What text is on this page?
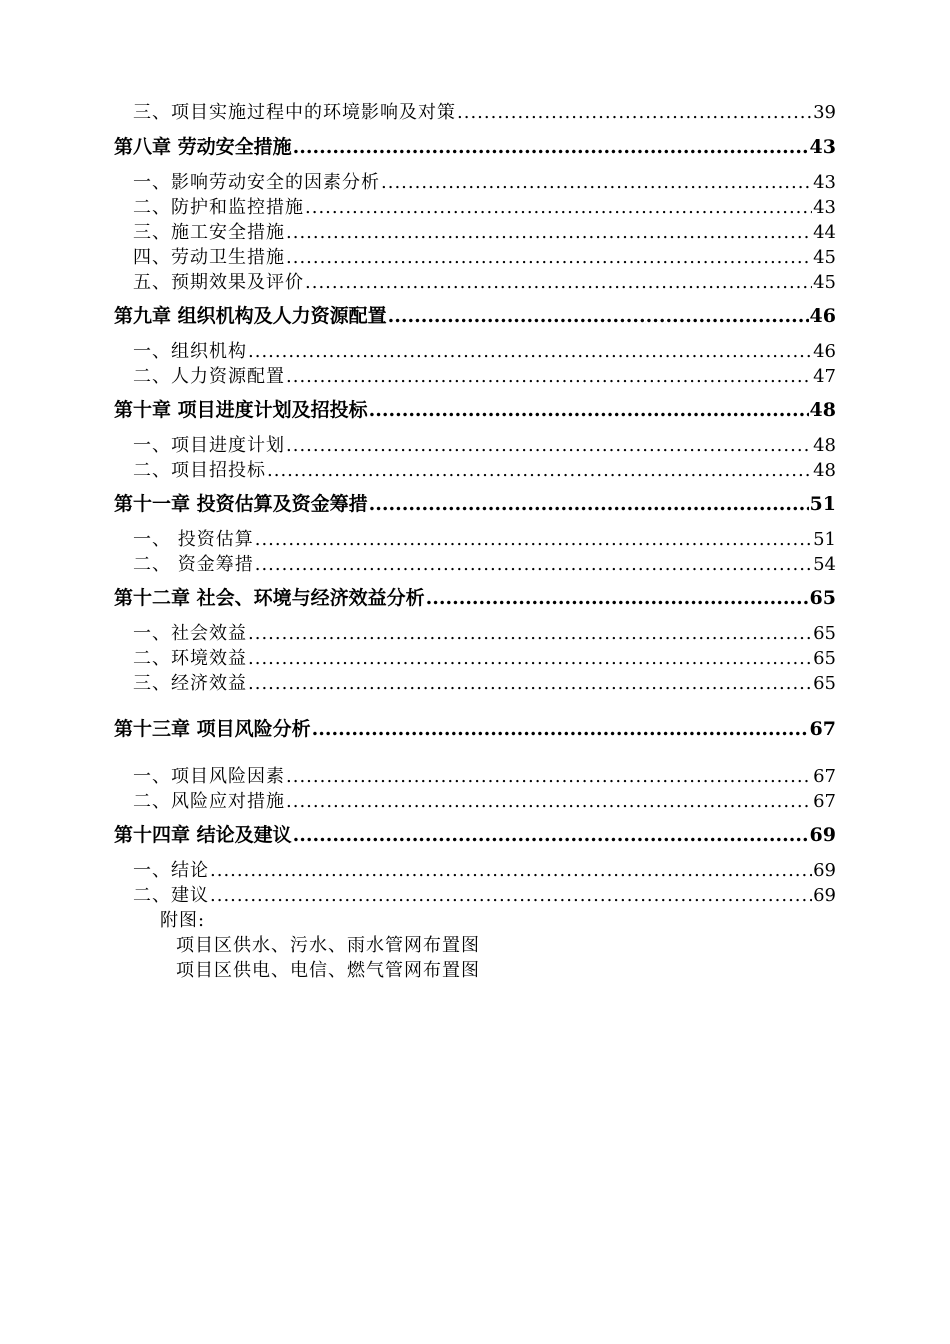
三、项目实施过程中的环境影响及对策 .....	39
第八章 劳动安全措施 .....	43
一、影响劳动安全的因素分析 .....	43
二、防护和监控措施 .....	43
三、施工安全措施 .....	44
四、劳动卫生措施 .....	45
五、预期效果及评价 .....	45
第九章 组织机构及人力资源配置 .....	46
一、组织机构 .....	46
二、人力资源配置 .....	47
第十章 项目进度计划及招投标 .....	48
一、项目进度计划 .....	48
二、项目招投标 .....	48
第十一章 投资估算及资金筹措 .....	51
一、 投资估算 .....	51
二、 资金筹措 .....	54
第十二章 社会、环境与经济效益分析 .....	65
一、社会效益 .....	65
二、环境效益 .....	65
三、经济效益 .....	65
第十三章 项目风险分析 .....	67
一、项目风险因素 .....	67
二、风险应对措施 .....	67
第十四章 结论及建议 .....	69
一、结论 .....	69
二、建议 .....	69
附图:
项目区供水、污水、雨水管网布置图
项目区供电、电信、燃气管网布置图
